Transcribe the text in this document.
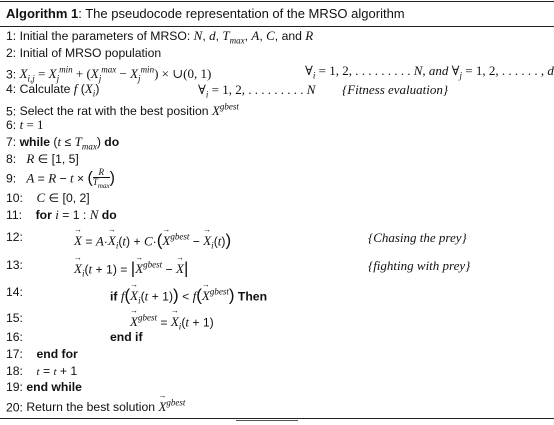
Algorithm 1: The pseudocode representation of the MRSO algorithm
1: Initial the parameters of MRSO: N, d, $T_{max}$, A, C, and R
2: Initial of MRSO population
3: $X_{i,j} = X_j^{min} + (X_j^{max} - X_j^{min})$ × ∪(0, 1)	$\forall_i = 1$, 2, . . . . . . . . . N, and $\forall_j = 1$, 2, . . . . . . , d
4: Calculate f $(X_i)$	$\forall_i = 1$, 2, . . . . . . . . . N {Fitness evaluation}
5: Select the rat with the best position $X^{gbest}$
6: t = 1
7: while $(t \le T_{max})$ do
8: R ∈ [1, 5]
9: A = R − t × ( R

$T_{max}$)
10: C ∈ [0, 2]
11: for i = 1 : N do
12:	→ $X = A\cdot\to X_i(t) + C\cdot(\to X^{gbest}$ − → $X_i(t)$)	{Chasing the prey}
13:	→ $X_i(t + 1)$ = |→ $X^{gbest}$ − → X|	{fighting with prey}
14:	if $f(\to X_i(t + 1)) < f(\to X^{gbest})$ Then
15:	→ $X^{gbest}$ = → $X_i(t + 1)$
16:	end if
17: end for
18: t = t + 1
19: end while
20: Return the best solution → $X^{gbest}$
